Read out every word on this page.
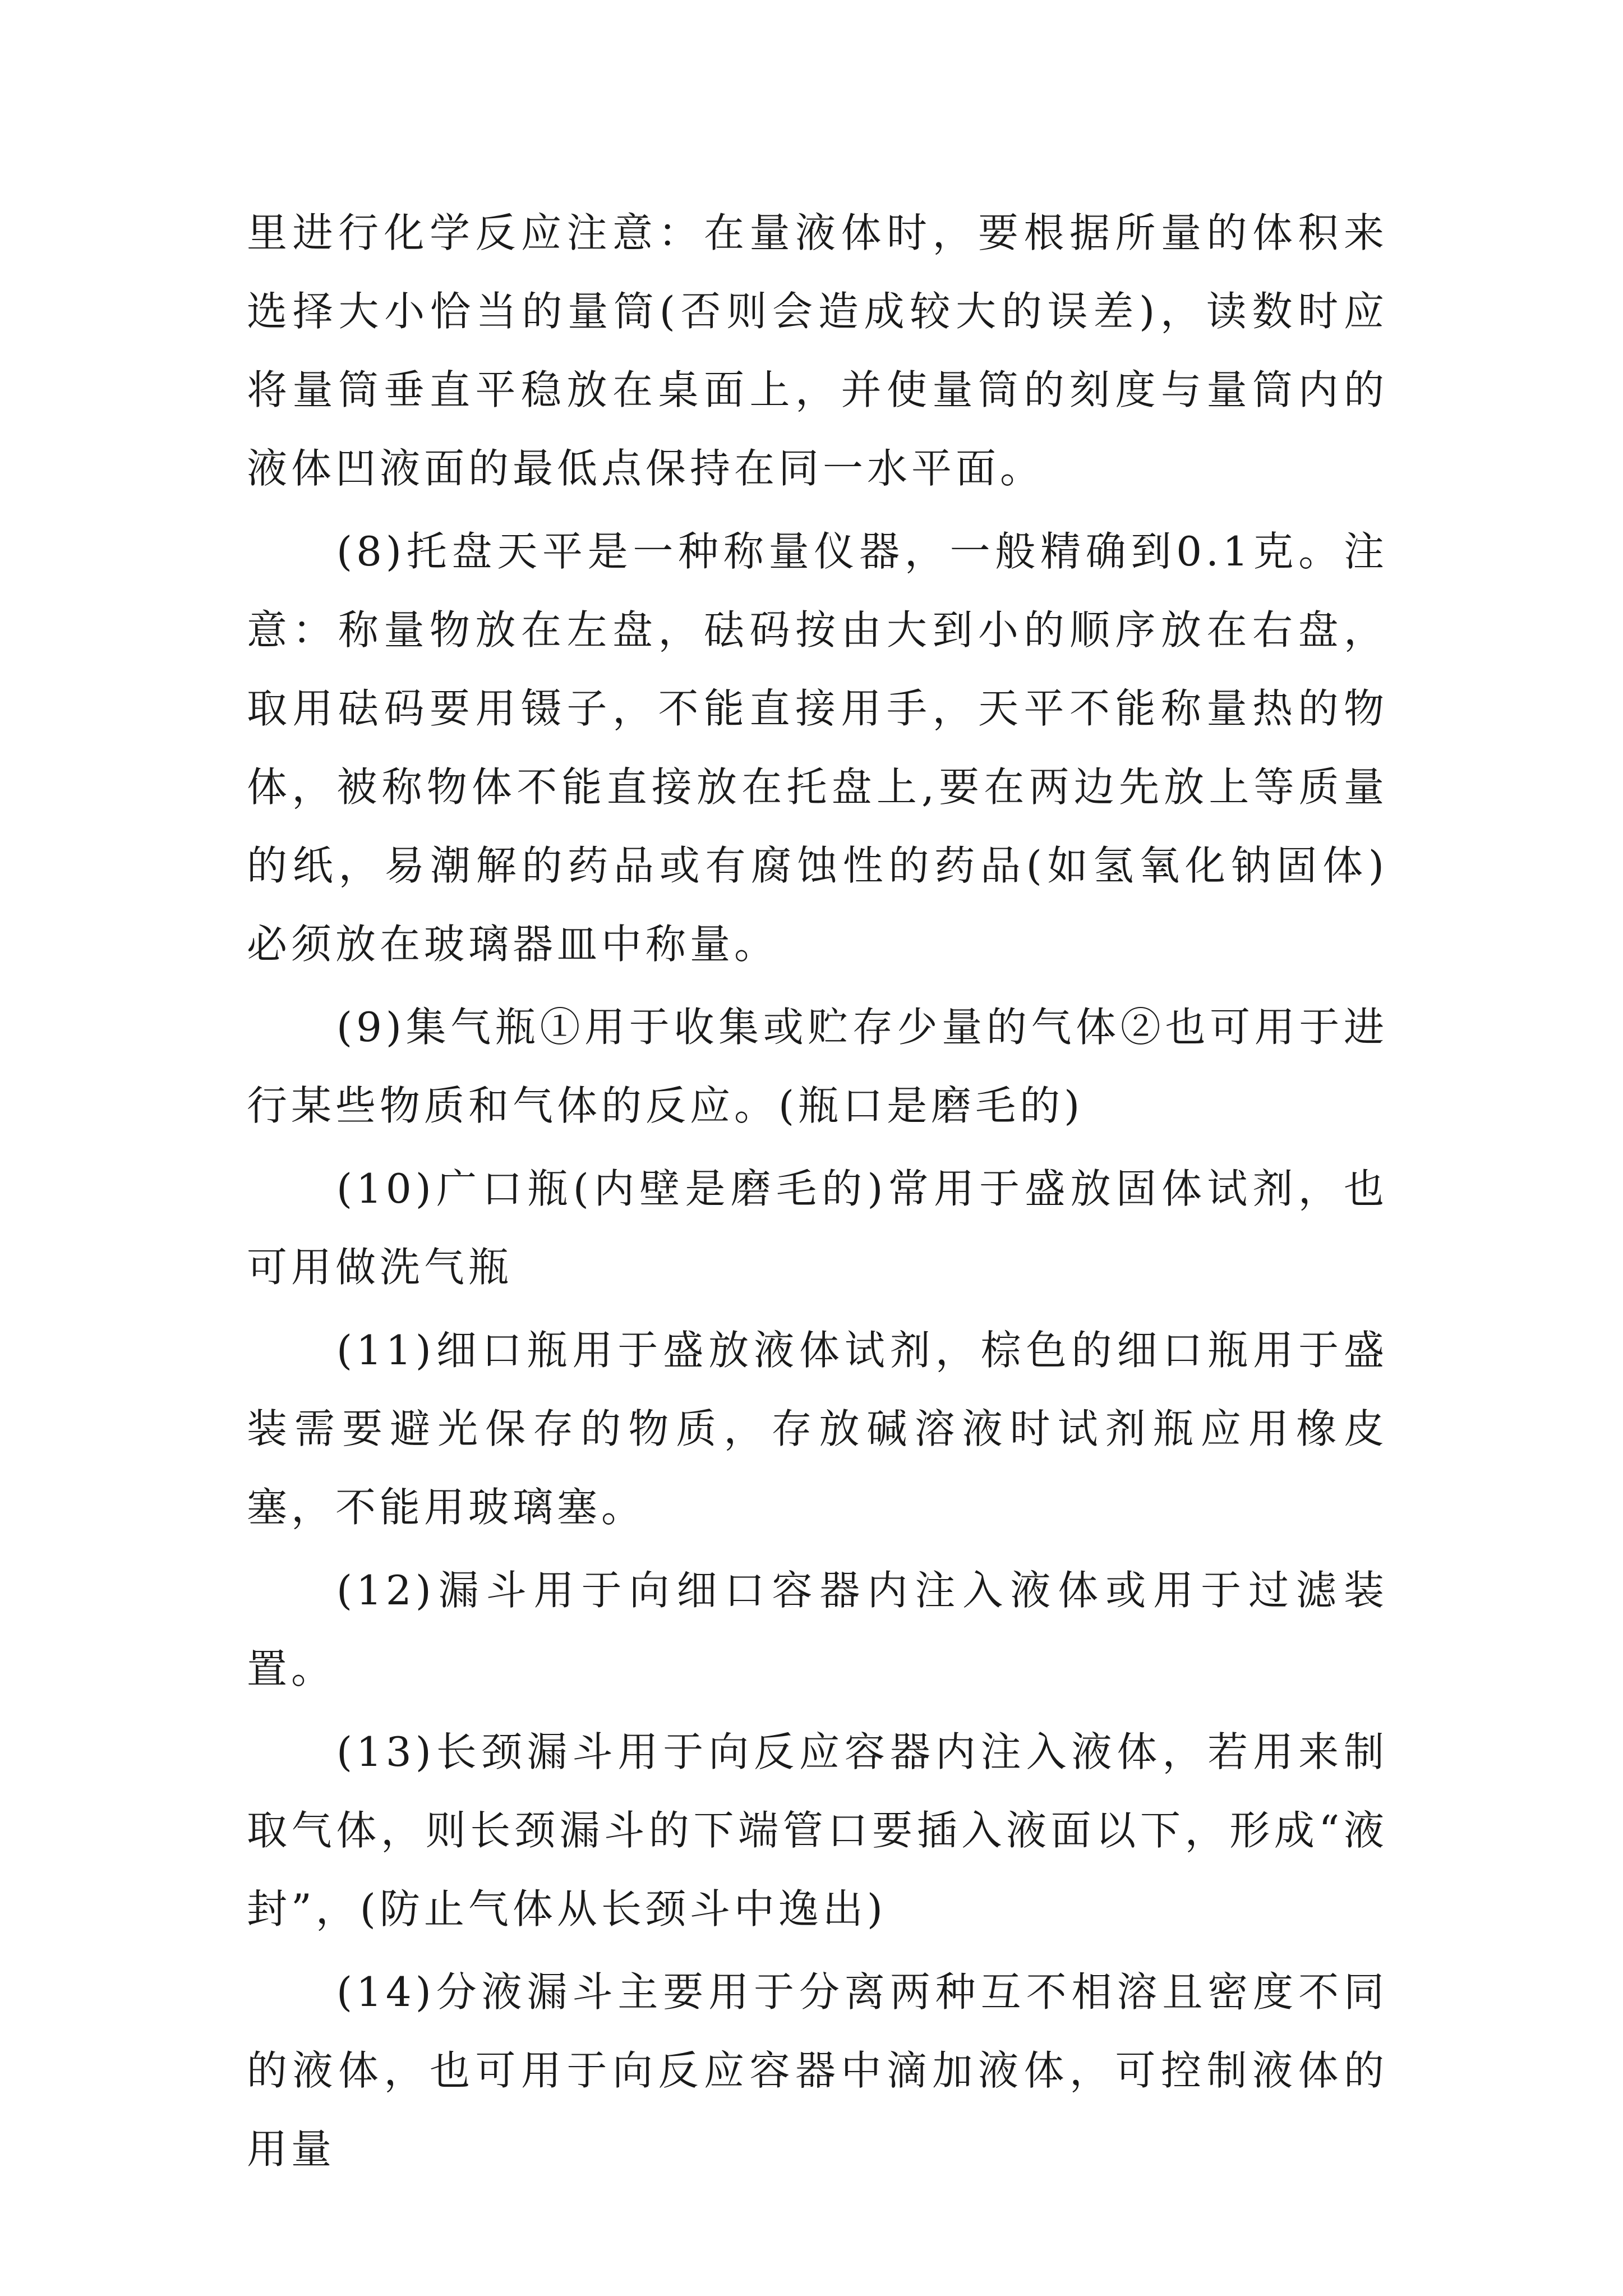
里进行化学反应注意：在量液体时，要根据所量的体积来选择大小恰当的量筒(否则会造成较大的误差)，读数时应将量筒垂直平稳放在桌面上，并使量筒的刻度与量筒内的液体凹液面的最低点保持在同一水平面。

(8)托盘天平是一种称量仪器，一般精确到0.1克。注意：称量物放在左盘，砝码按由大到小的顺序放在右盘，取用砝码要用镊子，不能直接用手，天平不能称量热的物体，被称物体不能直接放在托盘上,要在两边先放上等质量的纸，易潮解的药品或有腐蚀性的药品(如氢氧化钠固体)必须放在玻璃器皿中称量。

(9)集气瓶①用于收集或贮存少量的气体②也可用于进行某些物质和气体的反应。(瓶口是磨毛的)

(10)广口瓶(内壁是磨毛的)常用于盛放固体试剂，也可用做洗气瓶

(11)细口瓶用于盛放液体试剂，棕色的细口瓶用于盛装需要避光保存的物质，存放碱溶液时试剂瓶应用橡皮塞，不能用玻璃塞。

(12)漏斗用于向细口容器内注入液体或用于过滤装置。

(13)长颈漏斗用于向反应容器内注入液体，若用来制取气体，则长颈漏斗的下端管口要插入液面以下，形成“液封”，(防止气体从长颈斗中逸出)

(14)分液漏斗主要用于分离两种互不相溶且密度不同的液体，也可用于向反应容器中滴加液体，可控制液体的用量
